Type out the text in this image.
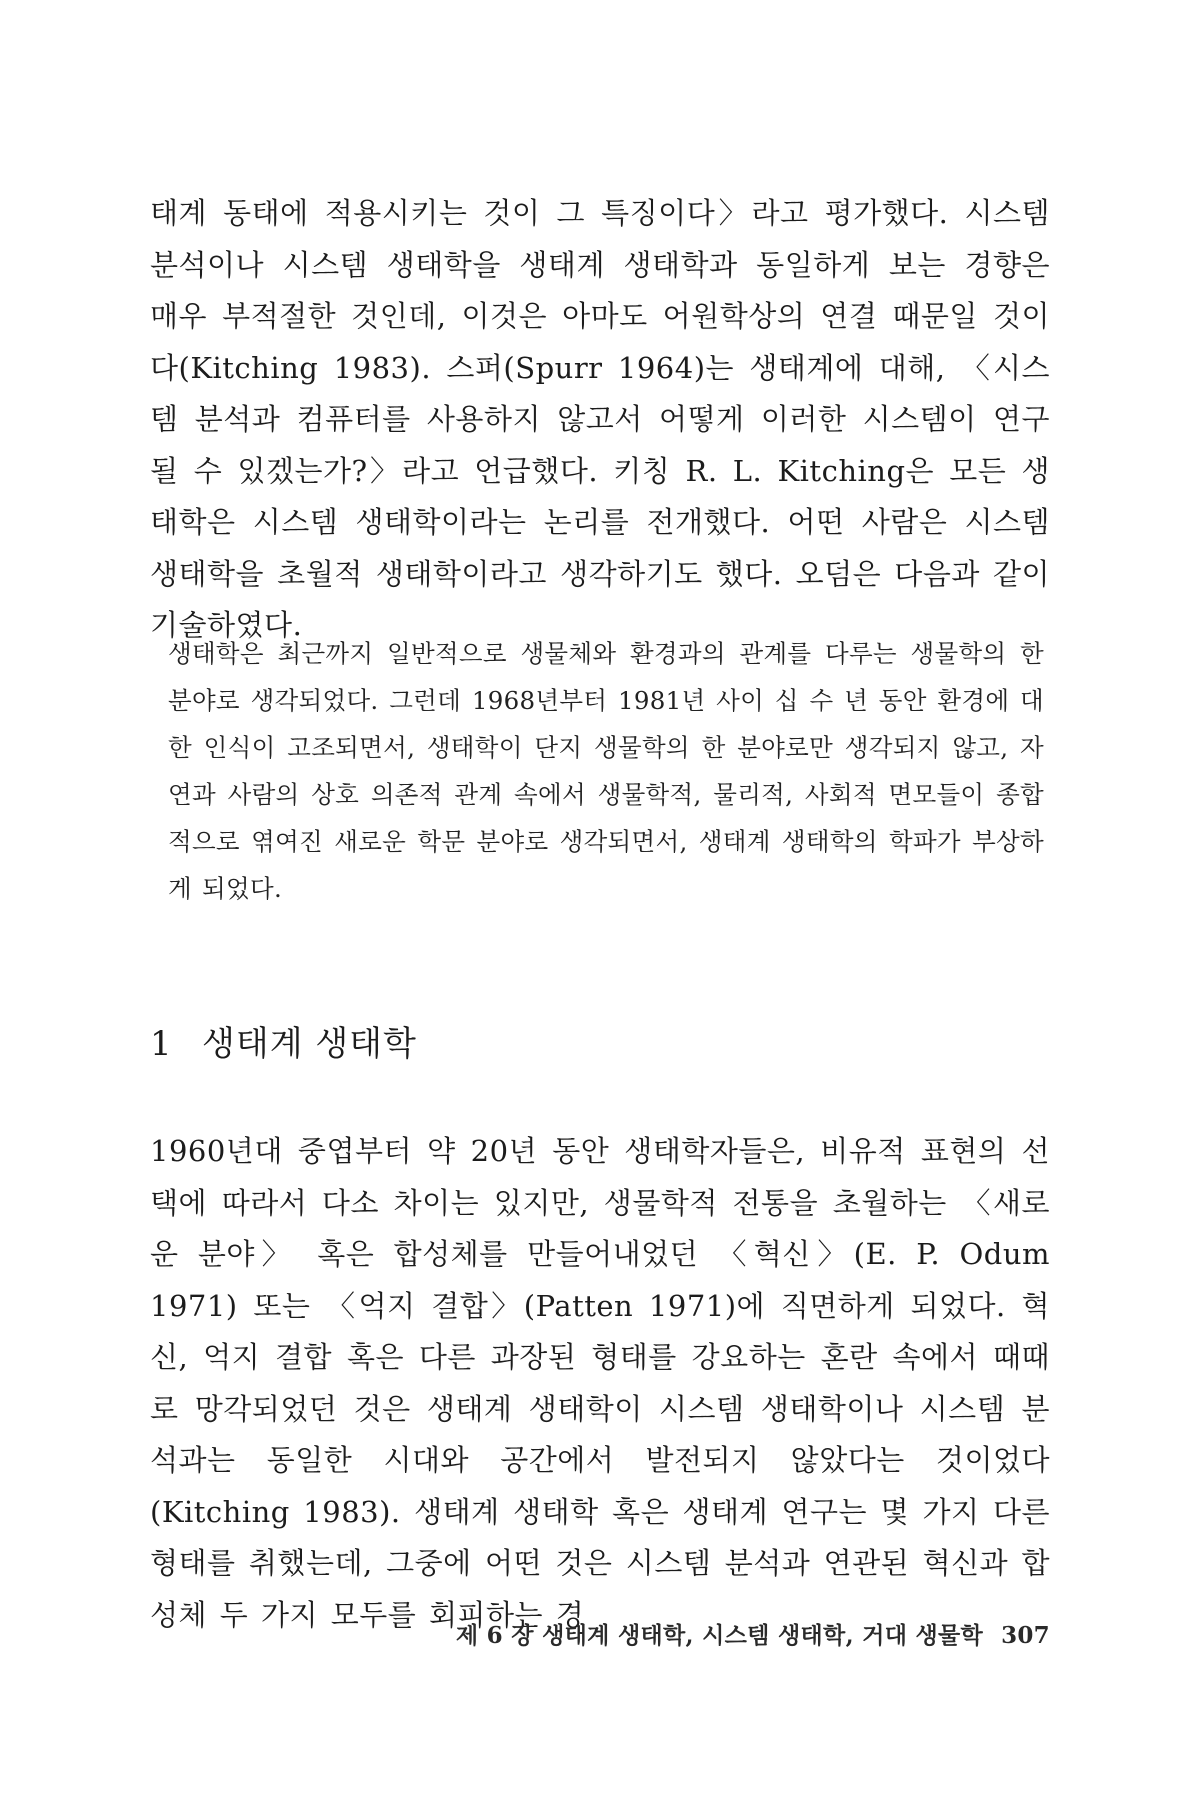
태계 동태에 적용시키는 것이 그 특징이다〉라고 평가했다. 시스템 분석이나 시스템 생태학을 생태계 생태학과 동일하게 보는 경향은 매우 부적절한 것인데, 이것은 아마도 어원학상의 연결 때문일 것이다(Kitching 1983). 스퍼(Spurr 1964)는 생태계에 대해, 〈시스템 분석과 컴퓨터를 사용하지 않고서 어떻게 이러한 시스템이 연구될 수 있겠는가?〉라고 언급했다. 키칭 R. L. Kitching은 모든 생태학은 시스템 생태학이라는 논리를 전개했다. 어떤 사람은 시스템 생태학을 초월적 생태학이라고 생각하기도 했다. 오덤은 다음과 같이 기술하였다.

생태학은 최근까지 일반적으로 생물체와 환경과의 관계를 다루는 생물학의 한 분야로 생각되었다. 그런데 1968년부터 1981년 사이 십 수 년 동안 환경에 대한 인식이 고조되면서, 생태학이 단지 생물학의 한 분야로만 생각되지 않고, 자연과 사람의 상호 의존적 관계 속에서 생물학적, 물리적, 사회적 면모들이 종합적으로 엮여진 새로운 학문 분야로 생각되면서, 생태계 생태학의 학파가 부상하게 되었다.

1 생태계 생태학

1960년대 중엽부터 약 20년 동안 생태학자들은, 비유적 표현의 선택에 따라서 다소 차이는 있지만, 생물학적 전통을 초월하는 〈새로운 분야〉 혹은 합성체를 만들어내었던 〈혁신〉(E. P. Odum 1971) 또는 〈억지 결합〉(Patten 1971)에 직면하게 되었다. 혁신, 억지 결합 혹은 다른 과장된 형태를 강요하는 혼란 속에서 때때로 망각되었던 것은 생태계 생태학이 시스템 생태학이나 시스템 분석과는 동일한 시대와 공간에서 발전되지 않았다는 것이었다(Kitching 1983). 생태계 생태학 혹은 생태계 연구는 몇 가지 다른 형태를 취했는데, 그중에 어떤 것은 시스템 분석과 연관된 혁신과 합성체 두 가지 모두를 회피하는 경

제 6 장 생태계 생태학, 시스템 생태학, 거대 생물학 307
